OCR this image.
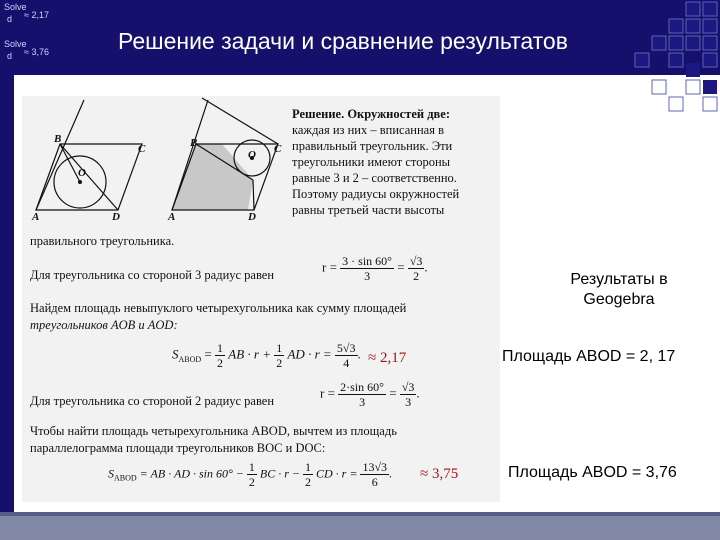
Solve
d ≈ 2,17
Solve
d ≈ 3,76	Решение задачи и сравнение результатов
B
C
A	D
O
B	C
A	D
O
Решение. Окружностей две:
каждая из них – вписанная в
правильный треугольник. Эти
треугольники имеют стороны
равные 3 и 2 – соответственно.
Поэтому радиусы окружностей
равны третьей части высоты
правильного треугольника.
Для треугольника со стороной 3 радиус равен
$r = \frac{3 \cdot \sin 60^\circ}{3} = \frac{√3}{2}$ .
Найдем площадь невыпуклого четырехугольника как сумму площадей
треугольников AOB и AOD:
$S_{ABOD} = \frac{1}{2}$ AB · $r + \frac{1}{2}$ AD · $r = \frac{5√3}{4}$ . ≈ 2,17
Для треугольника со стороной 2 радиус равен
$r = \frac{2\cdot\sin 60^\circ}{3} = \frac{√3}{3}$ .
Чтобы найти площадь четырехугольника ABOD, вычтем из площадь
параллелограмма площади треугольников BOC и DOC:
$S_{ABOD}$ = AB · AD · $\sin 60^\circ - \frac{1}{2}$ BC · $r - \frac{1}{2}$ CD · $r = \frac{13√3}{6}$ . ≈ 3,75
Результаты в Geogebra
Площадь ABOD = 2, 17
Площадь ABOD = 3,76
